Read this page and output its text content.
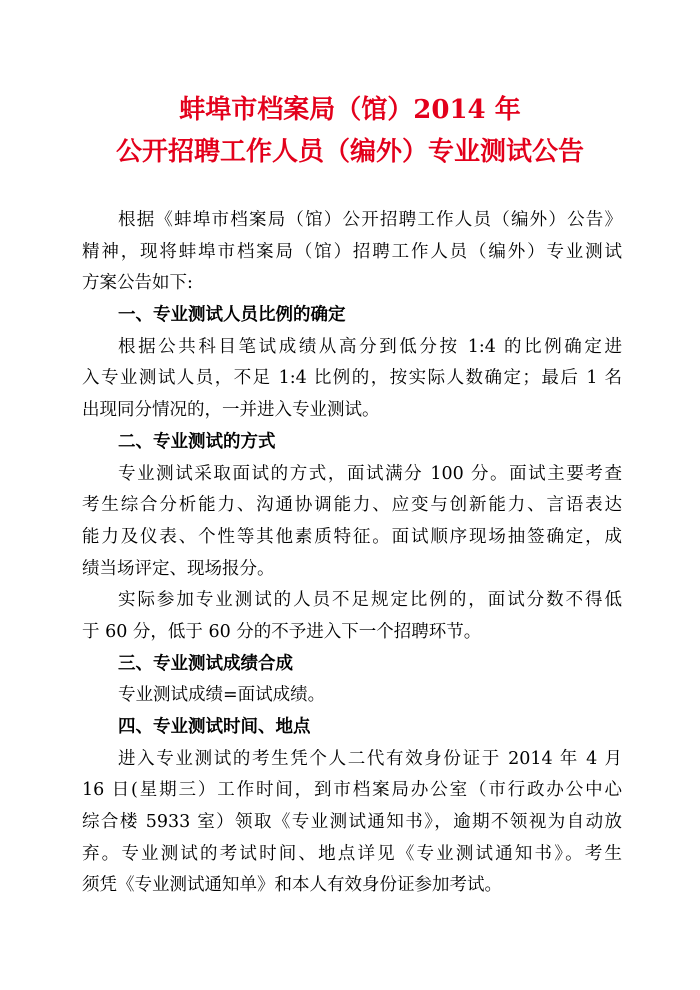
蚌埠市档案局（馆）2014 年
公开招聘工作人员（编外）专业测试公告
根据《蚌埠市档案局（馆）公开招聘工作人员（编外）公告》
精神，现将蚌埠市档案局（馆）招聘工作人员（编外）专业测试
方案公告如下:
一、专业测试人员比例的确定
根据公共科目笔试成绩从高分到低分按 1:4 的比例确定进
入专业测试人员，不足 1:4 比例的，按实际人数确定；最后 1 名
出现同分情况的，一并进入专业测试。
二、专业测试的方式
专业测试采取面试的方式，面试满分 100 分。面试主要考查
考生综合分析能力、沟通协调能力、应变与创新能力、言语表达
能力及仪表、个性等其他素质特征。面试顺序现场抽签确定，成
绩当场评定、现场报分。
实际参加专业测试的人员不足规定比例的，面试分数不得低
于 60 分，低于 60 分的不予进入下一个招聘环节。
三、专业测试成绩合成
专业测试成绩=面试成绩。
四、专业测试时间、地点
进入专业测试的考生凭个人二代有效身份证于 2014 年 4 月
16 日(星期三）工作时间，到市档案局办公室（市行政办公中心
综合楼 5933 室）领取《专业测试通知书》，逾期不领视为自动放
弃。专业测试的考试时间、地点详见《专业测试通知书》。考生
须凭《专业测试通知单》和本人有效身份证参加考试。
